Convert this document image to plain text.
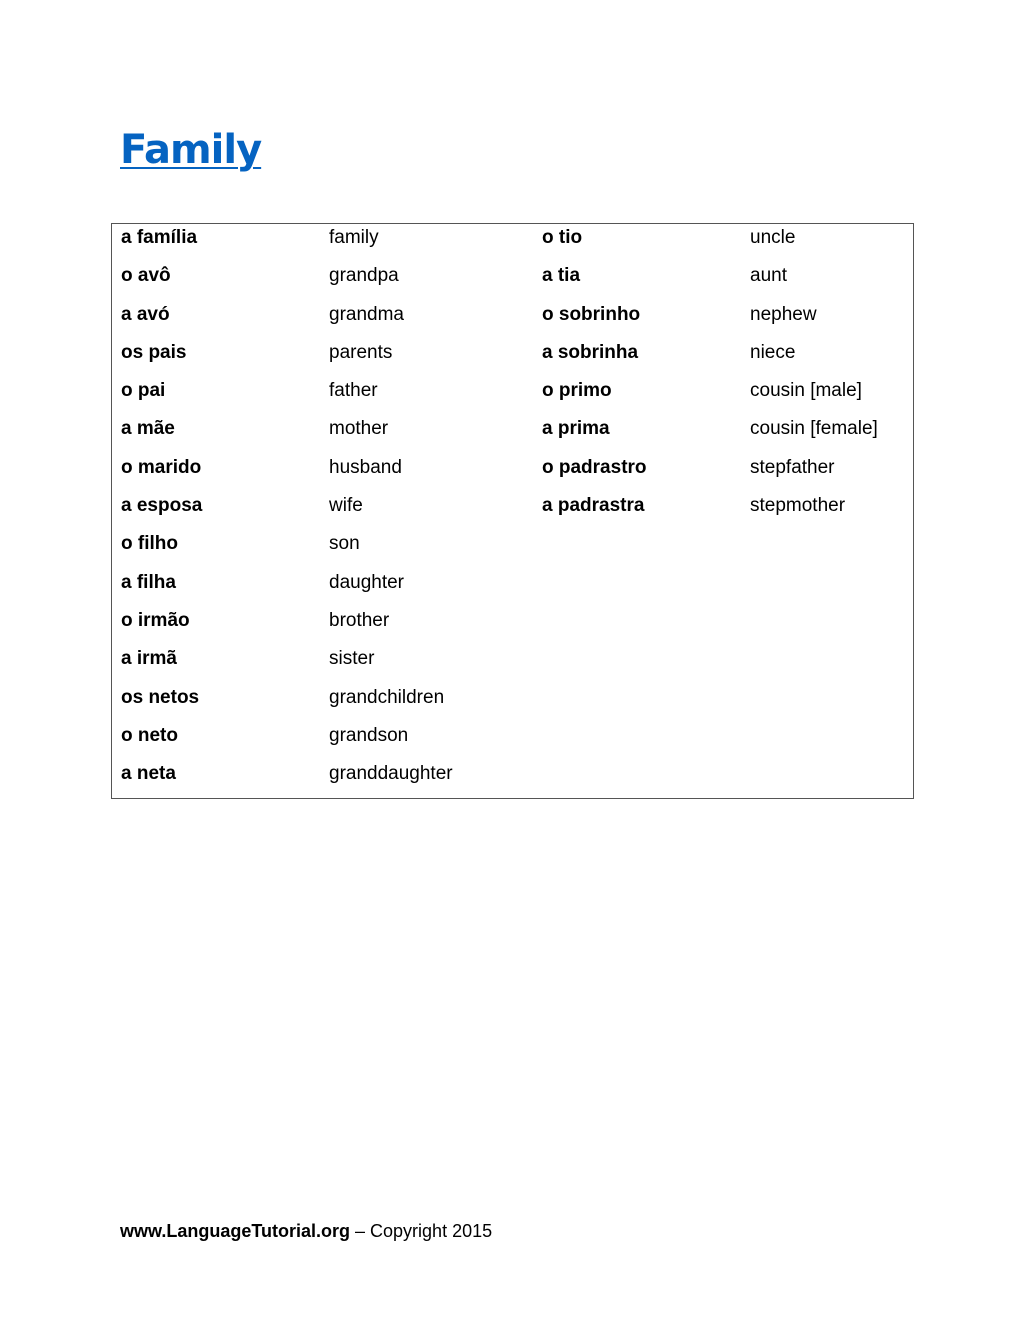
Family
a família
o avô
a avó
os pais
o pai
a mãe
o marido
a esposa
o filho
a filha
o irmão
a irmã
os netos
o neto
a neta
family
grandpa
grandma
parents
father
mother
husband
wife
son
daughter
brother
sister
grandchildren
grandson
granddaughter
o tio
a tia
o sobrinho
a sobrinha
o primo
a prima
o padrastro
a padrastra
uncle
aunt
nephew
niece
cousin [male]
cousin [female]
stepfather
stepmother
www.LanguageTutorial.org – Copyright 2015
